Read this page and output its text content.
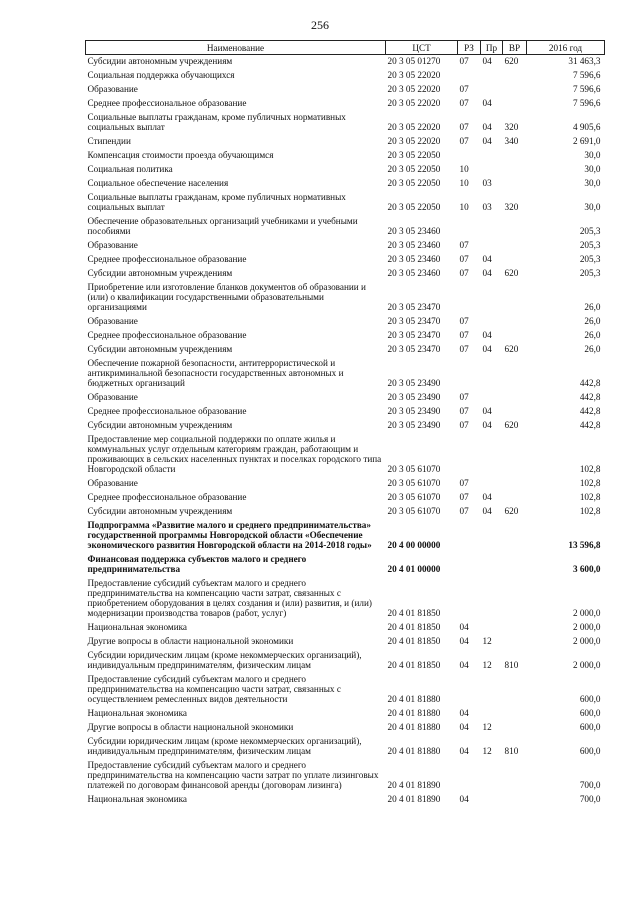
256
Наименование	ЦСТ	РЗ	Пр	ВР	2016 год
Субсидии автономным учреждениям	20 3 05 01270	07	04	620	31 463,3
Социальная поддержка обучающихся	20 3 05 22020				7 596,6
Образование	20 3 05 22020	07			7 596,6
Среднее профессиональное образование	20 3 05 22020	07	04		7 596,6
Социальные выплаты гражданам, кроме публичных нормативных социальных выплат	20 3 05 22020	07	04	320	4 905,6
Стипендии	20 3 05 22020	07	04	340	2 691,0
Компенсация стоимости проезда обучающимся	20 3 05 22050				30,0
Социальная политика	20 3 05 22050	10			30,0
Социальное обеспечение населения	20 3 05 22050	10	03		30,0
Социальные выплаты гражданам, кроме публичных нормативных социальных выплат	20 3 05 22050	10	03	320	30,0
Обеспечение образовательных организаций учебниками и учебными пособиями	20 3 05 23460				205,3
Образование	20 3 05 23460	07			205,3
Среднее профессиональное образование	20 3 05 23460	07	04		205,3
Субсидии автономным учреждениям	20 3 05 23460	07	04	620	205,3
Приобретение или изготовление бланков документов об образовании и (или) о квалификации государственными образовательными организациями	20 3 05 23470				26,0
Образование	20 3 05 23470	07			26,0
Среднее профессиональное образование	20 3 05 23470	07	04		26,0
Субсидии автономным учреждениям	20 3 05 23470	07	04	620	26,0
Обеспечение пожарной безопасности, антитеррористической и антикриминальной безопасности государственных автономных и бюджетных организаций	20 3 05 23490				442,8
Образование	20 3 05 23490	07			442,8
Среднее профессиональное образование	20 3 05 23490	07	04		442,8
Субсидии автономным учреждениям	20 3 05 23490	07	04	620	442,8
Предоставление мер социальной поддержки по оплате жилья и коммунальных услуг отдельным категориям граждан, работающим и проживающих в сельских населенных пунктах и поселках городского типа Новгородской области	20 3 05 61070				102,8
Образование	20 3 05 61070	07			102,8
Среднее профессиональное образование	20 3 05 61070	07	04		102,8
Субсидии автономным учреждениям	20 3 05 61070	07	04	620	102,8
Подпрограмма «Развитие малого и среднего предпринимательства» государственной программы Новгородской области «Обеспечение экономического развития Новгородской области на 2014-2018 годы»	20 4 00 00000				13 596,8
Финансовая поддержка субъектов малого и среднего предпринимательства	20 4 01 00000				3 600,0
Предоставление субсидий субъектам малого и среднего предпринимательства на компенсацию части затрат, связанных с приобретением оборудования в целях создания и (или) развития, и (или) модернизации производства товаров (работ, услуг)	20 4 01 81850				2 000,0
Национальная экономика	20 4 01 81850	04			2 000,0
Другие вопросы в области национальной экономики	20 4 01 81850	04	12		2 000,0
Субсидии юридическим лицам (кроме некоммерческих организаций), индивидуальным предпринимателям, физическим лицам	20 4 01 81850	04	12	810	2 000,0
Предоставление субсидий субъектам малого и среднего предпринимательства на компенсацию части затрат, связанных с осуществлением ремесленных видов деятельности	20 4 01 81880				600,0
Национальная экономика	20 4 01 81880	04			600,0
Другие вопросы в области национальной экономики	20 4 01 81880	04	12		600,0
Субсидии юридическим лицам (кроме некоммерческих организаций), индивидуальным предпринимателям, физическим лицам	20 4 01 81880	04	12	810	600,0
Предоставление субсидий субъектам малого и среднего предпринимательства на компенсацию части затрат по уплате лизинговых платежей по договорам финансовой аренды (договорам лизинга)	20 4 01 81890				700,0
Национальная экономика	20 4 01 81890	04			700,0
